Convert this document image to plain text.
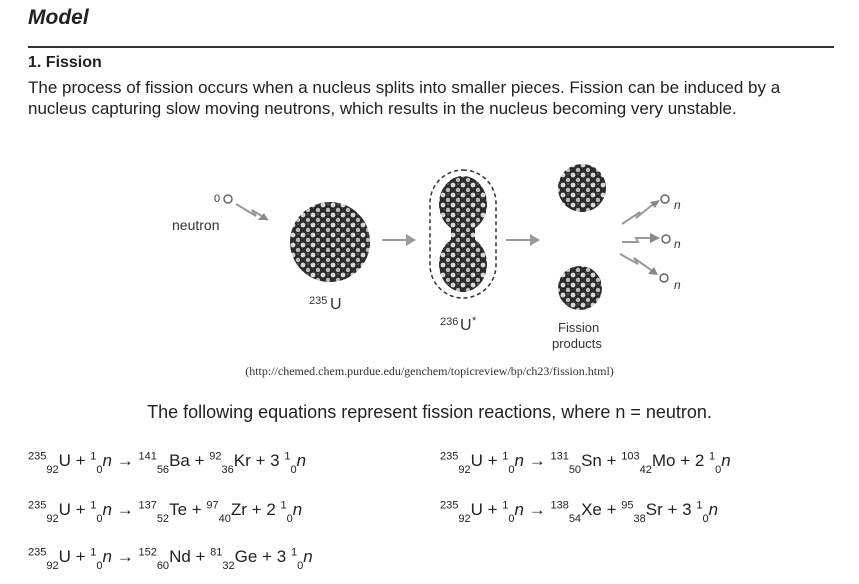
Model
1. Fission

The process of fission occurs when a nucleus splits into smaller pieces. Fission can be induced by a nucleus capturing slow moving neutrons, which results in the nucleus becoming very unstable.

0
neutron
235 U
236 U *	Fission
products
n
n
n
(http://chemed.chem.purdue.edu/genchem/topicreview/bp/ch23/fission.html)
The following equations represent fission reactions, where n = neutron.
$^{235}_{92}$U + $^1_0$n → $^{141}_{56}$Ba + $^{92}_{36}$Kr + 3 $^1_0$n	$^{235}_{92}$U + $^1_0$n → $^{131}_{50}$Sn + $^{103}_{42}$Mo + 2 $^1_0$n
$^{235}_{92}$U + $^1_0$n → $^{137}_{52}$Te + $^{97}_{40}$Zr + 2 $^1_0$n	$^{235}_{92}$U + $^1_0$n → $^{138}_{54}$Xe + $^{95}_{38}$Sr + 3 $^1_0$n
$^{235}_{92}$U + $^1_0$n → $^{152}_{60}$Nd + $^{81}_{32}$Ge + 3 $^1_0$n
